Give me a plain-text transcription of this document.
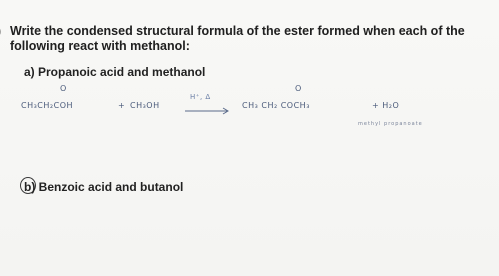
Write the condensed structural formula of the ester formed when each of the
following react with methanol:
a) Propanoic acid and methanol
O
CH₃CH₂COH	+ CH₃OH
H⁺, Δ
O
CH₃ CH₂ COCH₃	+ H₂O
methyl propanoate
b) Benzoic acid and butanol
